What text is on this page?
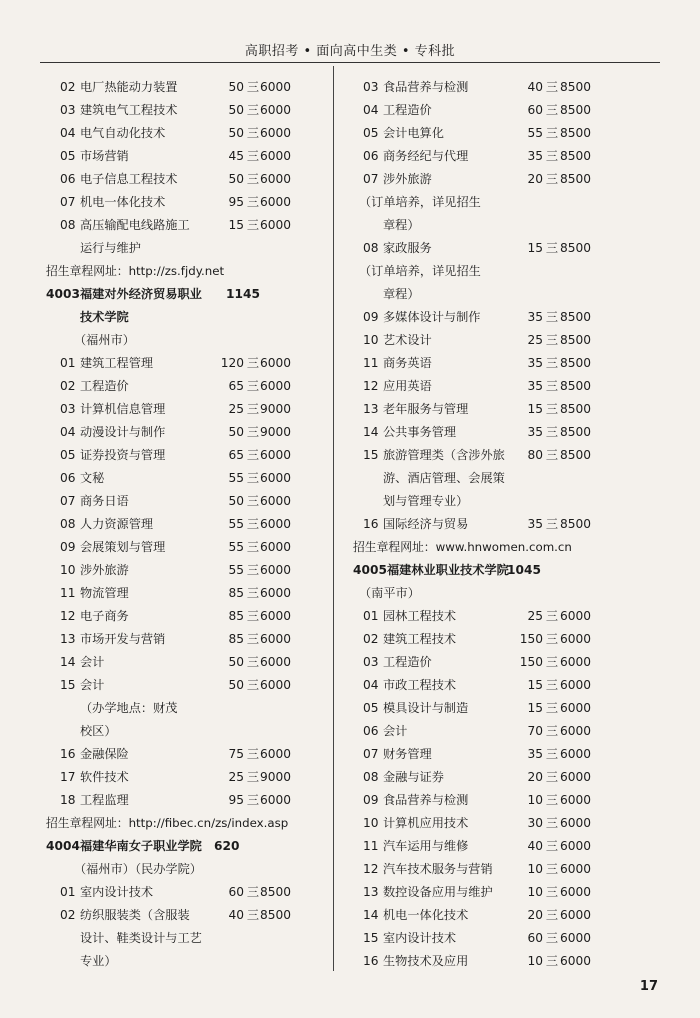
高职招考 • 面向高中生类 • 专科批
02 电厂热能动力装置	50 三 6000
03 建筑电气工程技术	50 三 6000
04 电气自动化技术	50 三 6000
05 市场营销	45 三 6000
06 电子信息工程技术	50 三 6000
07 机电一体化技术	95 三 6000
08 高压输配电线路施工	15 三 6000
运行与维护
招生章程网址：http://zs.fjdy.net
4003 福建对外经济贸易职业 1145
技术学院
（福州市）
01 建筑工程管理	120 三 6000
02 工程造价	65 三 6000
03 计算机信息管理	25 三 9000
04 动漫设计与制作	50 三 9000
05 证券投资与管理	65 三 6000
06 文秘	55 三 6000
07 商务日语	50 三 6000
08 人力资源管理	55 三 6000
09 会展策划与管理	55 三 6000
10 涉外旅游	55 三 6000
11 物流管理	85 三 6000
12 电子商务	85 三 6000
13 市场开发与营销	85 三 6000
14 会计	50 三 6000
15 会计	50 三 6000
（办学地点：财茂
校区）
16 金融保险	75 三 6000
17 软件技术	25 三 9000
18 工程监理	95 三 6000
招生章程网址：http://fibec.cn/zs/index.asp
4004 福建华南女子职业学院 620
（福州市）（民办学院）
01 室内设计技术	60 三 8500
02 纺织服装类（含服装	40 三 8500
设计、鞋类设计与工艺
专业）
03 食品营养与检测	40 三 8500
04 工程造价	60 三 8500
05 会计电算化	55 三 8500
06 商务经纪与代理	35 三 8500
07 涉外旅游	20 三 8500
（订单培养，详见招生
章程）
08 家政服务	15 三 8500
（订单培养，详见招生
章程）
09 多媒体设计与制作	35 三 8500
10 艺术设计	25 三 8500
11 商务英语	35 三 8500
12 应用英语	35 三 8500
13 老年服务与管理	15 三 8500
14 公共事务管理	35 三 8500
15 旅游管理类（含涉外旅	80 三 8500
游、酒店管理、会展策
划与管理专业）
16 国际经济与贸易	35 三 8500
招生章程网址：www.hnwomen.com.cn
4005 福建林业职业技术学院
1045
（南平市）
01 园林工程技术	25 三 6000
02 建筑工程技术	150 三 6000
03 工程造价	150 三 6000
04 市政工程技术	15 三 6000
05 模具设计与制造	15 三 6000
06 会计	70 三 6000
07 财务管理	35 三 6000
08 金融与证券	20 三 6000
09 食品营养与检测	10 三 6000
10 计算机应用技术	30 三 6000
11 汽车运用与维修	40 三 6000
12 汽车技术服务与营销	10 三 6000
13 数控设备应用与维护	10 三 6000
14 机电一体化技术	20 三 6000
15 室内设计技术	60 三 6000
16 生物技术及应用	10 三 6000
17
